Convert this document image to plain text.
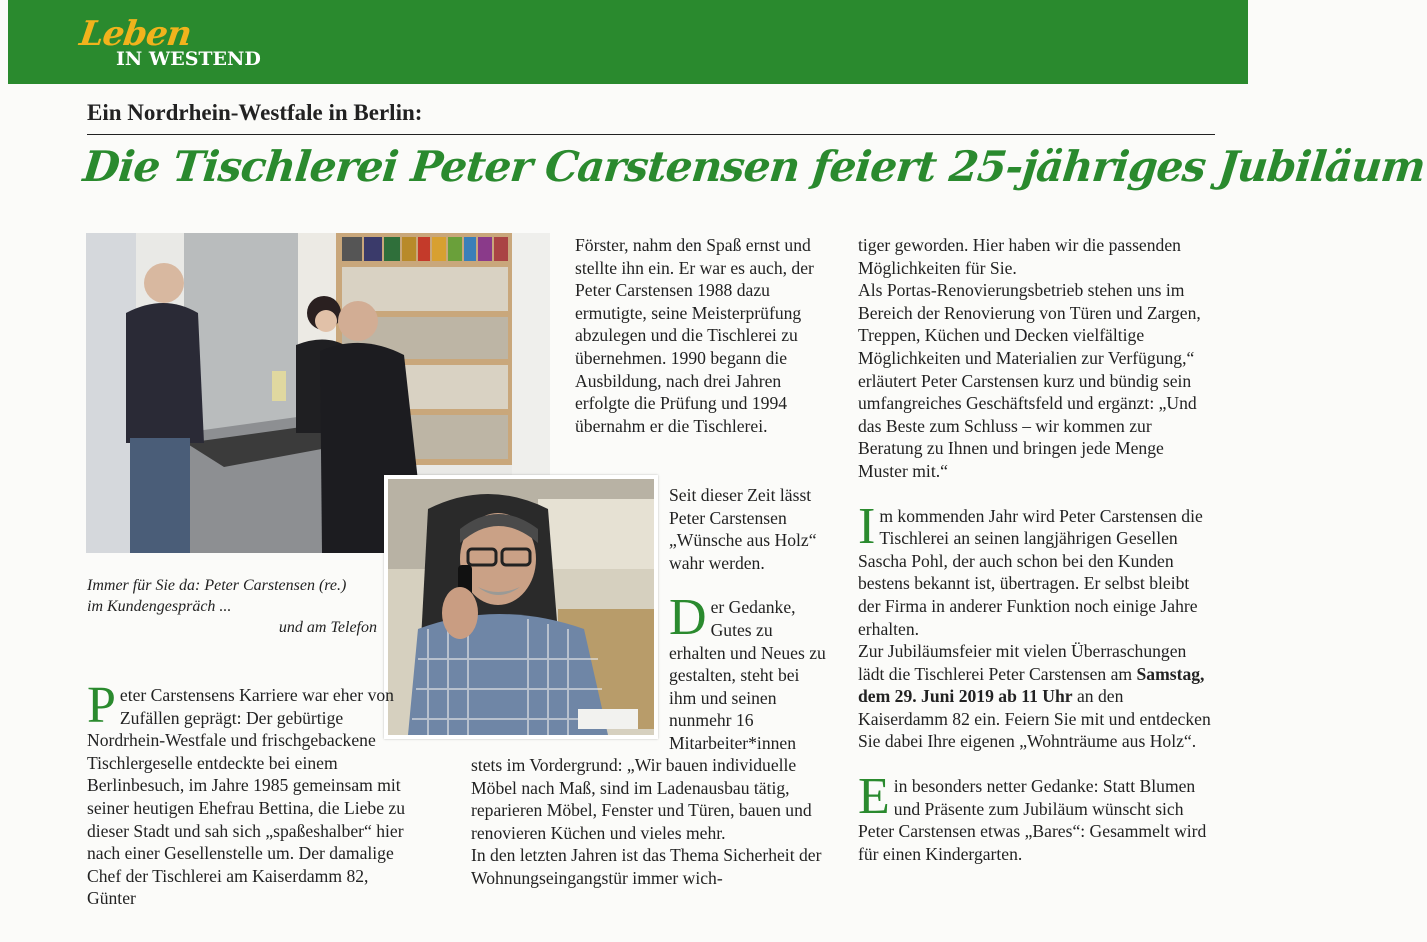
Leben
IN WESTEND
Ein Nordrhein-Westfale in Berlin:
Die Tischlerei Peter Carstensen feiert 25-jähriges Jubiläum
Immer für Sie da: Peter Carstensen (re.)
im Kundengespräch ...
und am Telefon

Peter Carstensens Karriere war eher von Zufällen geprägt: Der gebürtige Nordrhein-Westfale und frischgebackene Tischlergeselle entdeckte bei einem Berlinbesuch, im Jahre 1985 gemeinsam mit seiner heutigen Ehefrau Bettina, die Liebe zu dieser Stadt und sah sich „spaßeshalber“ hier nach einer Gesellenstelle um. Der damalige Chef der Tischlerei am Kaiserdamm 82, Günter

Förster, nahm den Spaß ernst und stellte ihn ein. Er war es auch, der Peter Carstensen 1988 dazu ermutigte, seine Meisterprüfung abzulegen und die Tischlerei zu übernehmen. 1990 begann die Ausbildung, nach drei Jahren erfolgte die Prüfung und 1994 übernahm er die Tischlerei.

Seit dieser Zeit lässt Peter Carstensen „Wünsche aus Holz“ wahr werden.

Der Gedanke, Gutes zu erhalten und Neues zu gestalten, steht bei ihm und seinen nunmehr 16 Mitarbeiter*innen

stets im Vordergrund: „Wir bauen individuelle Möbel nach Maß, sind im Ladenausbau tätig, reparieren Möbel, Fenster und Türen, bauen und renovieren Küchen und vieles mehr.

In den letzten Jahren ist das Thema Sicherheit der Wohnungseingangstür immer wich-

tiger geworden. Hier haben wir die passenden Möglichkeiten für Sie.

Als Portas-Renovierungsbetrieb stehen uns im Bereich der Renovierung von Türen und Zargen, Treppen, Küchen und Decken vielfältige Möglichkeiten und Materialien zur Verfügung,“ erläutert Peter Carstensen kurz und bündig sein umfangreiches Geschäftsfeld und ergänzt: „Und das Beste zum Schluss – wir kommen zur Beratung zu Ihnen und bringen jede Menge Muster mit.“

Im kommenden Jahr wird Peter Carstensen die Tischlerei an seinen langjährigen Gesellen Sascha Pohl, der auch schon bei den Kunden bestens bekannt ist, übertragen. Er selbst bleibt der Firma in anderer Funktion noch einige Jahre erhalten.

Zur Jubiläumsfeier mit vielen Überraschungen lädt die Tischlerei Peter Carstensen am Samstag, dem 29. Juni 2019 ab 11 Uhr an den Kaiserdamm 82 ein. Feiern Sie mit und entdecken Sie dabei Ihre eigenen „Wohnträume aus Holz“.

Ein besonders netter Gedanke: Statt Blumen und Präsente zum Jubiläum wünscht sich Peter Carstensen etwas „Bares“: Gesammelt wird für einen Kindergarten.
